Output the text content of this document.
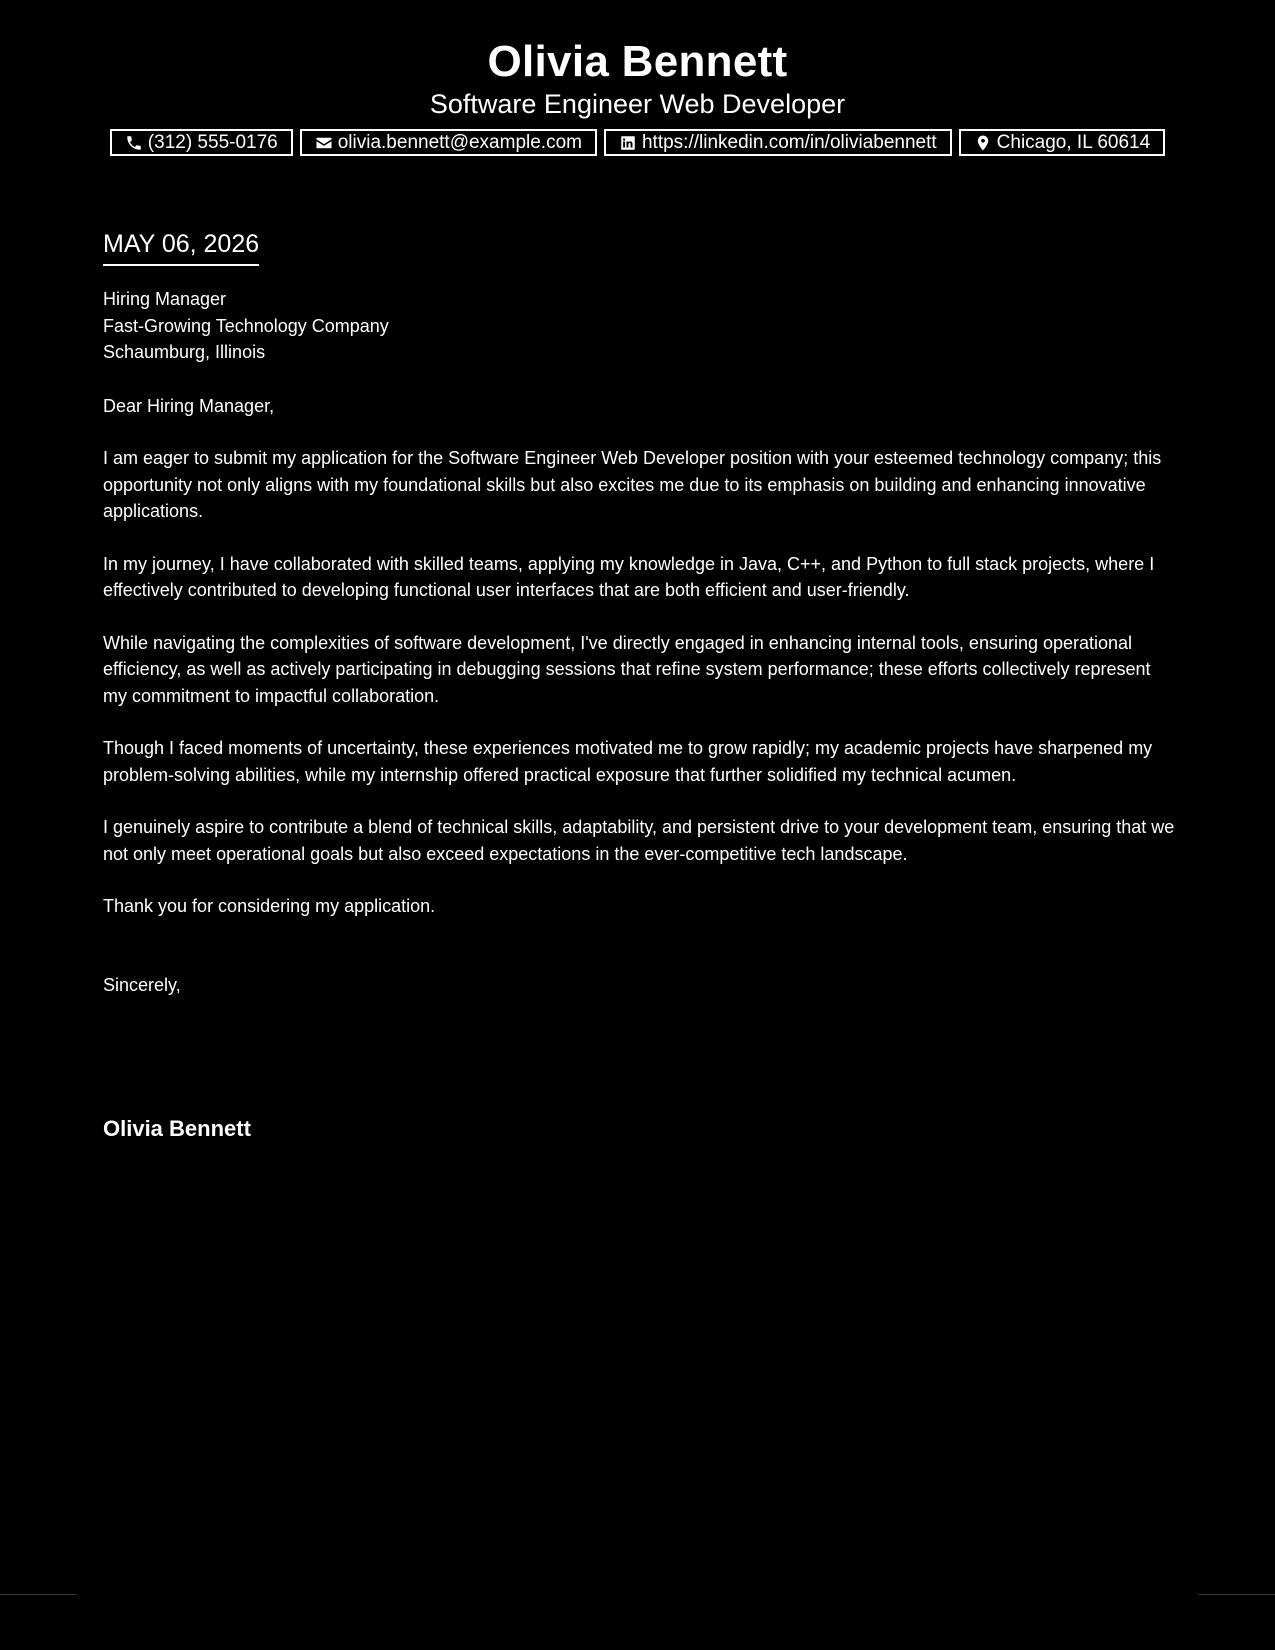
Olivia Bennett
Software Engineer Web Developer
(312) 555-0176	olivia.bennett@example.com	https://linkedin.com/in/oliviabennett	Chicago, IL 60614
MAY 06, 2026
Hiring Manager
Fast-Growing Technology Company
Schaumburg, Illinois
Dear Hiring Manager,
I am eager to submit my application for the Software Engineer Web Developer position with your esteemed technology company; this opportunity not only aligns with my foundational skills but also excites me due to its emphasis on building and enhancing innovative applications.
In my journey, I have collaborated with skilled teams, applying my knowledge in Java, C++, and Python to full stack projects, where I effectively contributed to developing functional user interfaces that are both efficient and user-friendly.
While navigating the complexities of software development, I've directly engaged in enhancing internal tools, ensuring operational efficiency, as well as actively participating in debugging sessions that refine system performance; these efforts collectively represent my commitment to impactful collaboration.
Though I faced moments of uncertainty, these experiences motivated me to grow rapidly; my academic projects have sharpened my problem-solving abilities, while my internship offered practical exposure that further solidified my technical acumen.
I genuinely aspire to contribute a blend of technical skills, adaptability, and persistent drive to your development team, ensuring that we not only meet operational goals but also exceed expectations in the ever-competitive tech landscape.
Thank you for considering my application.
Sincerely,
Olivia Bennett
